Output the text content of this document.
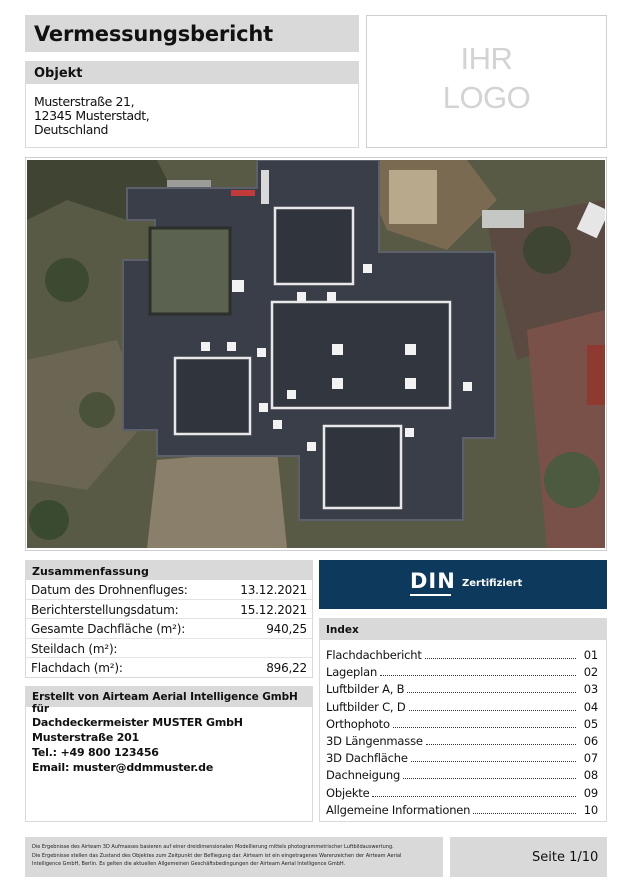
Vermessungsbericht
IHR
LOGO
Objekt
Musterstraße 21,
12345 Musterstadt,
Deutschland
Zusammenfassung
Datum des Drohnenfluges:	13.12.2021
Berichterstellungsdatum:	15.12.2021
Gesamte Dachfläche (m²):	940,25
Steildach (m²):
Flachdach (m²):	896,22
Erstellt von Airteam Aerial Intelligence GmbH für
Dachdeckermeister MUSTER GmbH
Musterstraße 201
Tel.: +49 800 123456
Email: muster@ddmmuster.de
DIN Zertifiziert
Index
Flachdachbericht	01
Lageplan	02
Luftbilder A, B	03
Luftbilder C, D	04
Orthophoto	05
3D Längenmasse	06
3D Dachfläche	07
Dachneigung	08
Objekte	09
Allgemeine Informationen	10
Die Ergebnisse des Airteam 3D Aufmasses basieren auf einer dreidimensionalen Modellierung mittels photogrammetrischer Luftbildauswertung.
Die Ergebnisse stellen das Zustand des Objektes zum Zeitpunkt der Befliegung dar. Airteam ist ein eingetragenes Warenzeichen der Airteam Aerial
Intelligence GmbH, Berlin. Es gelten die aktuellen Allgemeinen Geschäftsbedingungen der Airteam Aerial Intelligence GmbH.	Seite 1/10
